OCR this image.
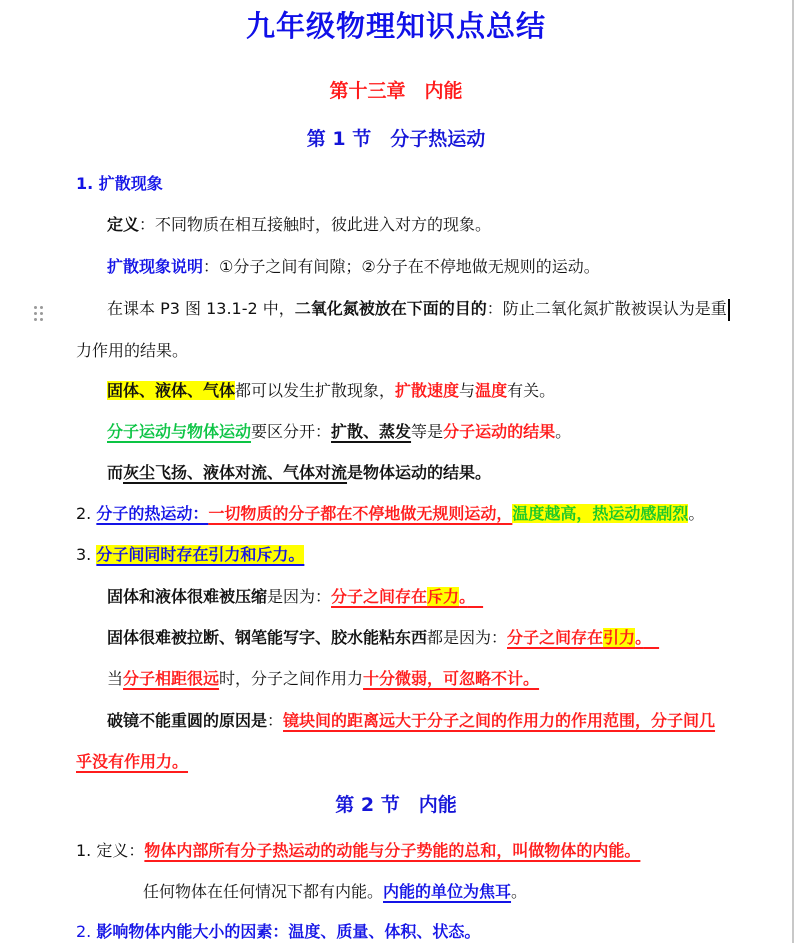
九年级物理知识点总结
第十三章　内能
第 1 节　分子热运动
1. 扩散现象
定义：不同物质在相互接触时，彼此进入对方的现象。
扩散现象说明：①分子之间有间隙；②分子在不停地做无规则的运动。
在课本 P3 图 13.1-2 中，二氧化氮被放在下面的目的：防止二氧化氮扩散被误认为是重
力作用的结果。
固体、液体、气体都可以发生扩散现象，扩散速度与温度有关。
分子运动与物体运动要区分开：扩散、蒸发等是分子运动的结果。
而灰尘飞扬、液体对流、气体对流是物体运动的结果。
2. 分子的热运动：一切物质的分子都在不停地做无规则运动，温度越高，热运动感剧烈。
3. 分子间同时存在引力和斥力。
固体和液体很难被压缩是因为：分子之间存在斥力。　
固体很难被拉断、钢笔能写字、胶水能粘东西都是因为：分子之间存在引力。　
当分子相距很远时，分子之间作用力十分微弱，可忽略不计。
破镜不能重圆的原因是：镜块间的距离远大于分子之间的作用力的作用范围，分子间几
乎没有作用力。
第 2 节　内能
1. 定义：物体内部所有分子热运动的动能与分子势能的总和，叫做物体的内能。
任何物体在任何情况下都有内能。内能的单位为焦耳。
2. 影响物体内能大小的因素：温度、质量、体积、状态。
